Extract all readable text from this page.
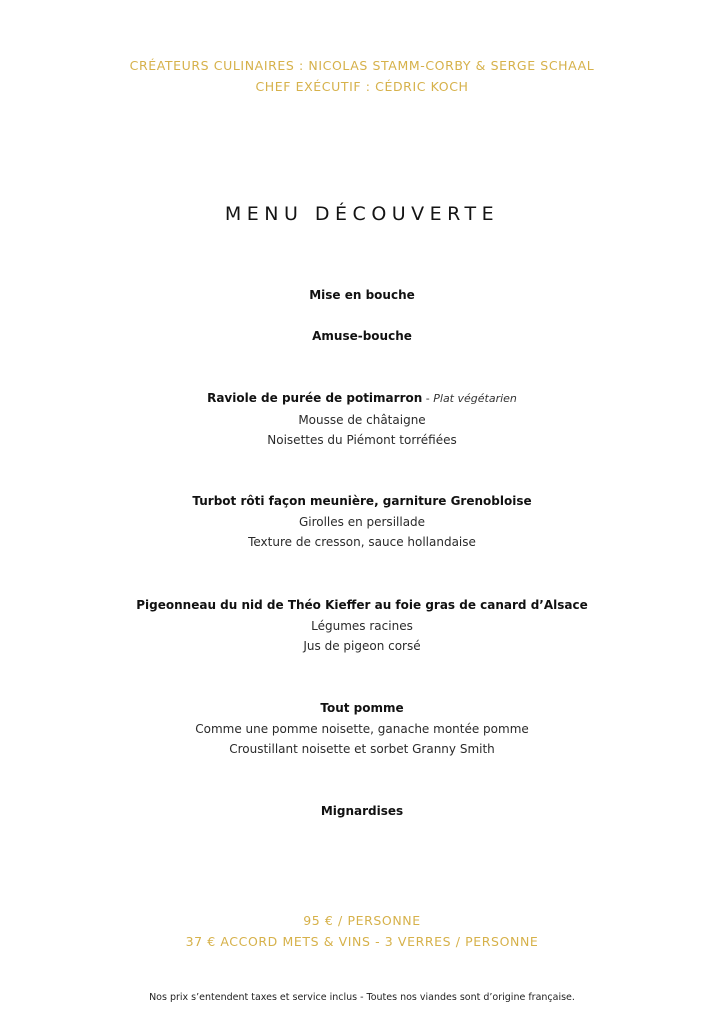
CRÉATEURS CULINAIRES : NICOLAS STAMM-CORBY & SERGE SCHAAL
CHEF EXÉCUTIF : CÉDRIC KOCH
MENU DÉCOUVERTE
Mise en bouche
Amuse-bouche
Raviole de purée de potimarron - Plat végétarien
Mousse de châtaigne
Noisettes du Piémont torréfiées
Turbot rôti façon meunière, garniture Grenobloise
Girolles en persillade
Texture de cresson, sauce hollandaise
Pigeonneau du nid de Théo Kieffer au foie gras de canard d’Alsace
Légumes racines
Jus de pigeon corsé
Tout pomme
Comme une pomme noisette, ganache montée pomme
Croustillant noisette et sorbet Granny Smith
Mignardises
95 € / PERSONNE
37 € ACCORD METS & VINS - 3 VERRES / PERSONNE
Nos prix s’entendent taxes et service inclus - Toutes nos viandes sont d’origine française.
